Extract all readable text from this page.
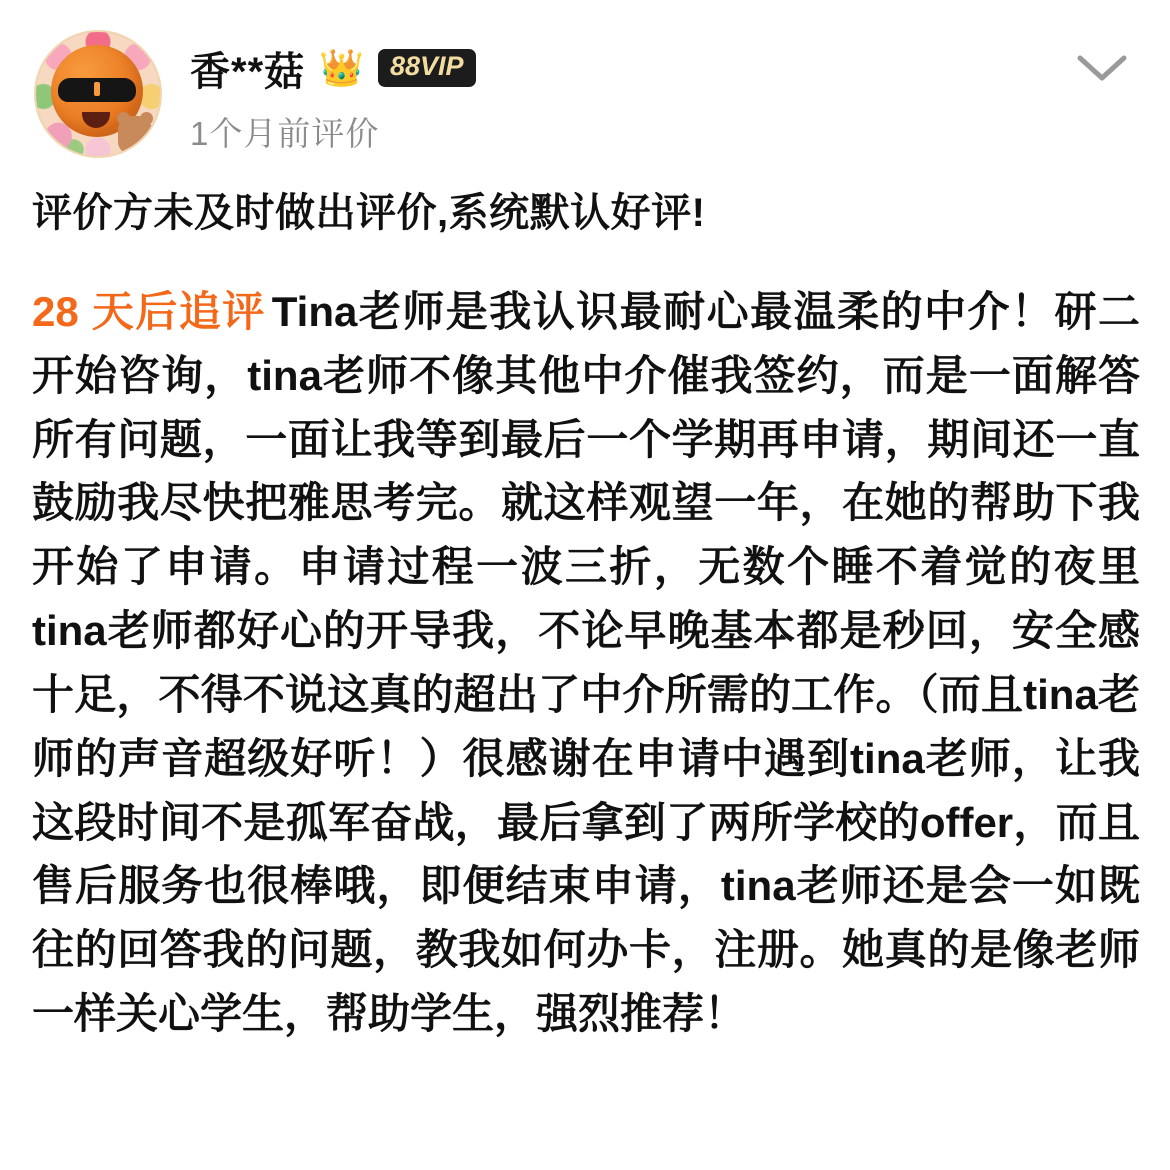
香**菇 👑 88VIP
1个月前评价

评价方未及时做出评价,系统默认好评!

28 天后追评 Tina老师是我认识最耐心最温柔的中介！研二开始咨询，tina老师不像其他中介催我签约，而是一面解答所有问题，一面让我等到最后一个学期再申请，期间还一直鼓励我尽快把雅思考完。就这样观望一年，在她的帮助下我开始了申请。申请过程一波三折，无数个睡不着觉的夜里tina老师都好心的开导我，不论早晚基本都是秒回，安全感十足，不得不说这真的超出了中介所需的工作。（而且tina老师的声音超级好听！）很感谢在申请中遇到tina老师，让我这段时间不是孤军奋战，最后拿到了两所学校的offer，而且售后服务也很棒哦，即便结束申请，tina老师还是会一如既往的回答我的问题，教我如何办卡，注册。她真的是像老师一样关心学生，帮助学生，强烈推荐！
